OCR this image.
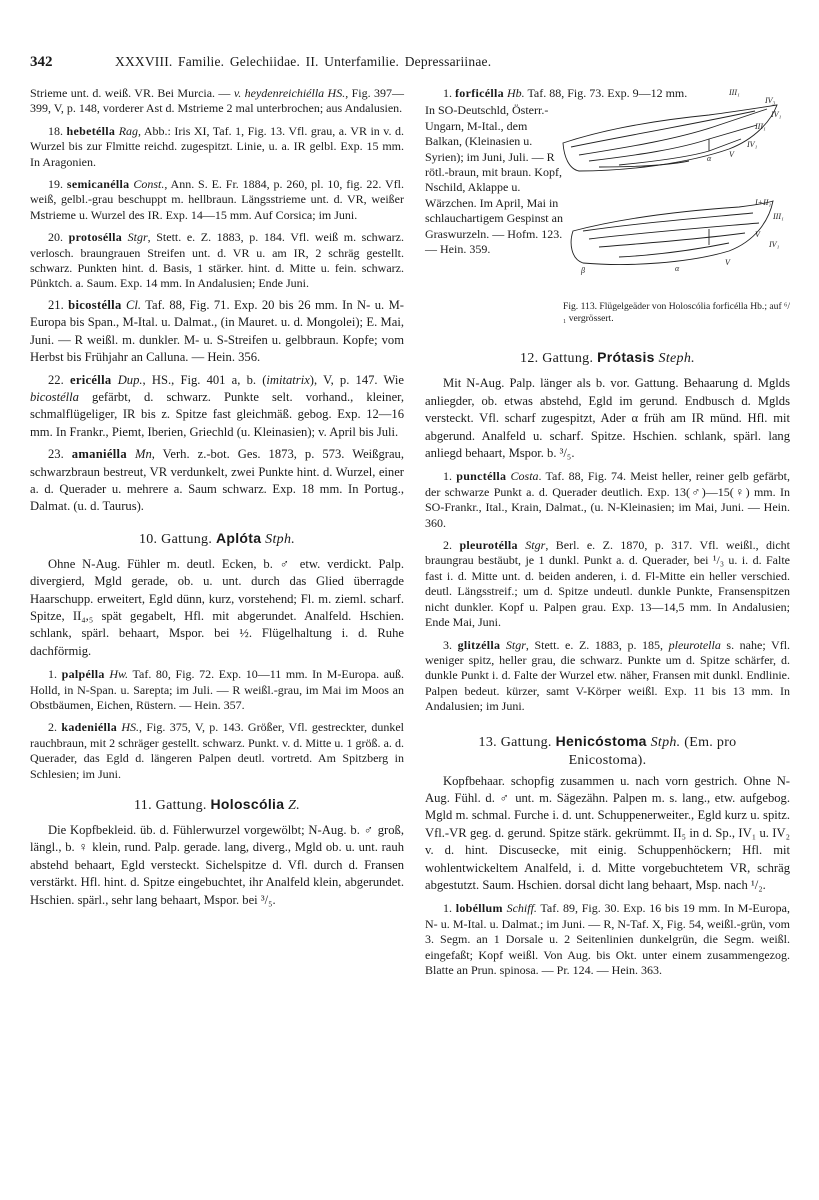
342	XXXVIII. Familie. Gelechiidae. II. Unterfamilie. Depressariinae.

Strieme unt. d. weiß. VR. Bei Murcia. — v. heydenreichiélla HS., Fig. 397—399, V, p. 148, vorderer Ast d. Mstrieme 2 mal unterbrochen; aus Andalusien.

18. hebetélla Rag, Abb.: Iris XI, Taf. 1, Fig. 13. Vfl. grau, a. VR in v. d. Wurzel bis zur Flmitte reichd. zugespitzt. Linie, u. a. IR gelbl. Exp. 15 mm. In Aragonien.

19. semicanélla Const., Ann. S. E. Fr. 1884, p. 260, pl. 10, fig. 22. Vfl. weiß, gelbl.-grau beschuppt m. hellbraun. Längsstrieme unt. d. VR, weißer Mstrieme u. Wurzel des IR. Exp. 14—15 mm. Auf Corsica; im Juni.

20. protosélla Stgr, Stett. e. Z. 1883, p. 184. Vfl. weiß m. schwarz. verlosch. braungrauen Streifen unt. d. VR u. am IR, 2 schräg gestellt. schwarz. Punkten hint. d. Basis, 1 stärker. hint. d. Mitte u. fein. schwarz. Pünktch. a. Saum. Exp. 14 mm. In Andalusien; Ende Juni.

21. bicostélla Cl. Taf. 88, Fig. 71. Exp. 20 bis 26 mm. In N- u. M-Europa bis Span., M-Ital. u. Dalmat., (in Mauret. u. d. Mongolei); E. Mai, Juni. — R weißl. m. dunkler. M- u. S-Streifen u. gelbbraun. Kopfe; vom Herbst bis Frühjahr an Calluna. — Hein. 356.

22. ericélla Dup., HS., Fig. 401 a, b. (imitatrix), V, p. 147. Wie bicostélla gefärbt, d. schwarz. Punkte selt. vorhand., kleiner, schmalflügeliger, IR bis z. Spitze fast gleichmäß. gebog. Exp. 12—16 mm. In Frankr., Piemt, Iberien, Griechld (u. Kleinasien); v. April bis Juli.

23. amanіélla Mn, Verh. z.-bot. Ges. 1873, p. 573. Weißgrau, schwarzbraun bestreut, VR verdunkelt, zwei Punkte hint. d. Wurzel, einer a. d. Querader u. mehrere a. Saum schwarz. Exp. 18 mm. In Portug., Dalmat. (u. d. Taurus).

10. Gattung. Aplóta Stph.

Ohne N-Aug. Fühler m. deutl. Ecken, b. ♂ etw. verdickt. Palp. divergierd, Mgld gerade, ob. u. unt. durch das Glied überragde Haarschupp. erweitert, Egld dünn, kurz, vorstehend; Fl. m. zieml. scharf. Spitze, II₄,₅ spät gegabelt, Hfl. mit abgerundet. Analfeld. Hschien. schlank, spärl. behaart, Mspor. bei ½. Flügelhaltung i. d. Ruhe dachförmig.

1. palpélla Hw. Taf. 80, Fig. 72. Exp. 10—11 mm. In M-Europa. auß. Holld, in N-Span. u. Sarepta; im Juli. — R weißl.-grau, im Mai im Moos an Obstbäumen, Eichen, Rüstern. — Hein. 357.

2. kadenіélla HS., Fig. 375, V, p. 143. Größer, Vfl. gestreckter, dunkel rauchbraun, mit 2 schräger gestellt. schwarz. Punkt. v. d. Mitte u. 1 größ. a. d. Querader, das Egld d. längeren Palpen deutl. vortretd. Am Spitzberg in Schlesien; im Juni.

11. Gattung. Holoscólia Z.

Die Kopfbekleid. üb. d. Fühlerwurzel vorgewölbt; N-Aug. b. ♂ groß, längl., b. ♀ klein, rund. Palp. gerade. lang, diverg., Mgld ob. u. unt. rauh abstehd behaart, Egld versteckt. Sichelspitze d. Vfl. durch d. Fransen verstärkt. Hfl. hint. d. Spitze eingebuchtet, ihr Analfeld klein, abgerundet. Hschien. spärl., sehr lang behaart, Mspor. bei ³/₅.

1. forficélla Hb. Taf. 88, Fig. 73. Exp. 9—12 mm.

In SO-Deutschld, Österr.-Ungarn, M-Ital., dem Balkan, (Kleinasien u. Syrien); im Juni, Juli. — R rötl.-braun, mit braun. Kopf, Nschild, Aklappe u. Wärzchen. Im April, Mai in schlauchartigem Gespinst an Graswurzeln. — Hofm. 123. — Hein. 359.

III₁
IV₃
IV₁
III₁
α V
IV₁
I+II₁
III₁
V
IV₁
β	α
V
Fig. 113. Flügelgeäder von Holoscólia forficélla Hb.; auf ⁶/₁ vergrössert.
12. Gattung. Prótasis Steph.

Mit N-Aug. Palp. länger als b. vor. Gattung. Behaarung d. Mglds anliegder, ob. etwas abstehd, Egld im gerund. Endbusch d. Mglds versteckt. Vfl. scharf zugespitzt, Ader α früh am IR münd. Hfl. mit abgerund. Analfeld u. scharf. Spitze. Hschien. schlank, spärl. lang anliegd behaart, Mspor. b. ³/₅.

1. punctélla Costa. Taf. 88, Fig. 74. Meist heller, reiner gelb gefärbt, der schwarze Punkt a. d. Querader deutlich. Exp. 13(♂)—15(♀) mm. In SO-Frankr., Ital., Krain, Dalmat., (u. N-Kleinasien; im Mai, Juni. — Hein. 360.

2. pleurotélla Stgr, Berl. e. Z. 1870, p. 317. Vfl. weißl., dicht braungrau bestäubt, je 1 dunkl. Punkt a. d. Querader, bei ¹/₃ u. i. d. Falte fast i. d. Mitte unt. d. beiden anderen, i. d. Fl-Mitte ein heller verschied. deutl. Längsstreif.; um d. Spitze undeutl. dunkle Punkte, Fransenspitzen nicht dunkler. Kopf u. Palpen grau. Exp. 13—14,5 mm. In Andalusien; Ende Mai, Juni.

3. glitzélla Stgr, Stett. e. Z. 1883, p. 185, pleurotella s. nahe; Vfl. weniger spitz, heller grau, die schwarz. Punkte um d. Spitze schärfer, d. dunkle Punkt i. d. Falte der Wurzel etw. näher, Fransen mit dunkl. Endlinie. Palpen bedeut. kürzer, samt V-Körper weißl. Exp. 11 bis 13 mm. In Andalusien; im Juni.

13. Gattung. Henicóstoma Stph. (Em. pro
Enicostoma).

Kopfbehaar. schopfig zusammen u. nach vorn gestrich. Ohne N-Aug. Fühl. d. ♂ unt. m. Sägezähn. Palpen m. s. lang., etw. aufgebog. Mgld m. schmal. Furche i. d. unt. Schuppenerweiter., Egld kurz u. spitz. Vfl.-VR geg. d. gerund. Spitze stärk. gekrümmt. II₅ in d. Sp., IV₁ u. IV₂ v. d. hint. Discusecke, mit einig. Schuppenhöckern; Hfl. mit wohlentwickeltem Analfeld, i. d. Mitte vorgebuchtetem VR, schräg abgestutzt. Saum. Hschien. dorsal dicht lang behaart, Msp. nach ¹/₂.

1. lobéllum Schiff. Taf. 89, Fig. 30. Exp. 16 bis 19 mm. In M-Europa, N- u. M-Ital. u. Dalmat.; im Juni. — R, N-Taf. X, Fig. 54, weißl.-grün, vom 3. Segm. an 1 Dorsale u. 2 Seitenlinien dunkelgrün, die Segm. weißl. eingefaßt; Kopf weißl. Von Aug. bis Okt. unter einem zusammengezog. Blatte an Prun. spinosa. — Pr. 124. — Hein. 363.
